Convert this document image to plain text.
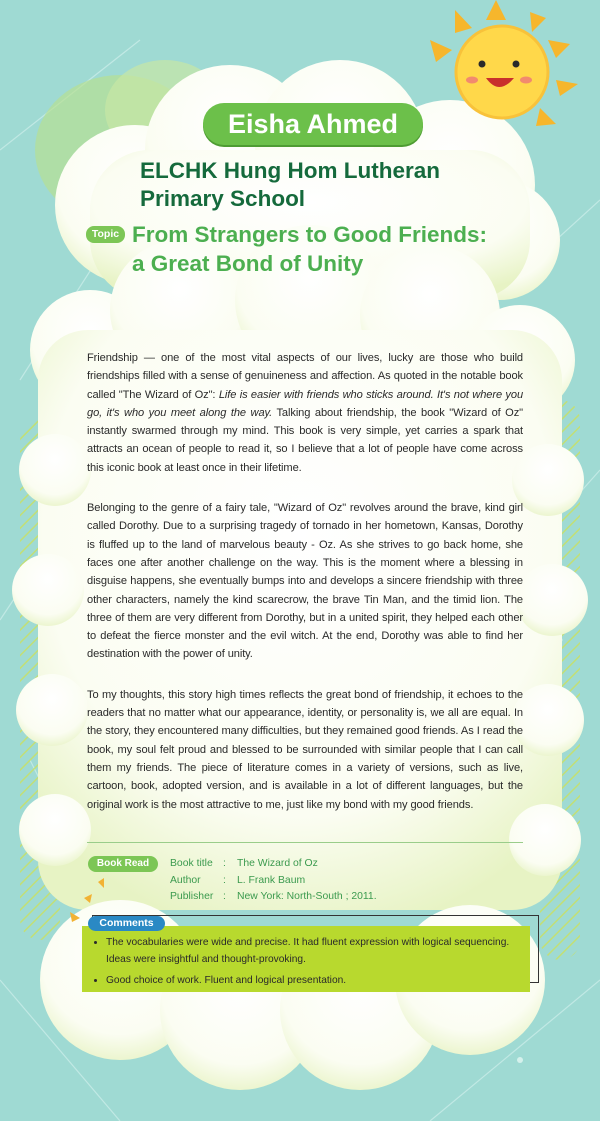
Eisha Ahmed
ELCHK Hung Hom Lutheran
Primary School
Topic From Strangers to Good Friends:
a Great Bond of Unity

Friendship — one of the most vital aspects of our lives, lucky are those who build friendships filled with a sense of genuineness and affection. As quoted in the notable book called "The Wizard of Oz": Life is easier with friends who sticks around. It's not where you go, it's who you meet along the way. Talking about friendship, the book "Wizard of Oz" instantly swarmed through my mind. This book is very simple, yet carries a spark that attracts an ocean of people to read it, so I believe that a lot of people have come across this iconic book at least once in their lifetime.

Belonging to the genre of a fairy tale, "Wizard of Oz" revolves around the brave, kind girl called Dorothy. Due to a surprising tragedy of tornado in her hometown, Kansas, Dorothy is fluffed up to the land of marvelous beauty - Oz. As she strives to go back home, she faces one after another challenge on the way. This is the moment where a blessing in disguise happens, she eventually bumps into and develops a sincere friendship with three other characters, namely the kind scarecrow, the brave Tin Man, and the timid lion. The three of them are very different from Dorothy, but in a united spirit, they helped each other to defeat the fierce monster and the evil witch. At the end, Dorothy was able to find her destination with the power of unity.

To my thoughts, this story high times reflects the great bond of friendship, it echoes to the readers that no matter what our appearance, identity, or personality is, we all are equal. In the story, they encountered many difficulties, but they remained good friends. As I read the book, my soul felt proud and blessed to be surrounded with similar people that I can call them my friends. The piece of literature comes in a variety of versions, such as live, cartoon, book, adopted version, and is available in a lot of different languages, but the original work is the most attractive to me, just like my bond with my good friends.

Book Read	Book title : The Wizard of Oz
Author : L. Frank Baum
Publisher : New York: North-South ; 2011.
• The vocabularies were wide and precise. It had fluent expression with logical sequencing. Ideas were insightful and thought-provoking.
• Good choice of work. Fluent and logical presentation.
Comments
